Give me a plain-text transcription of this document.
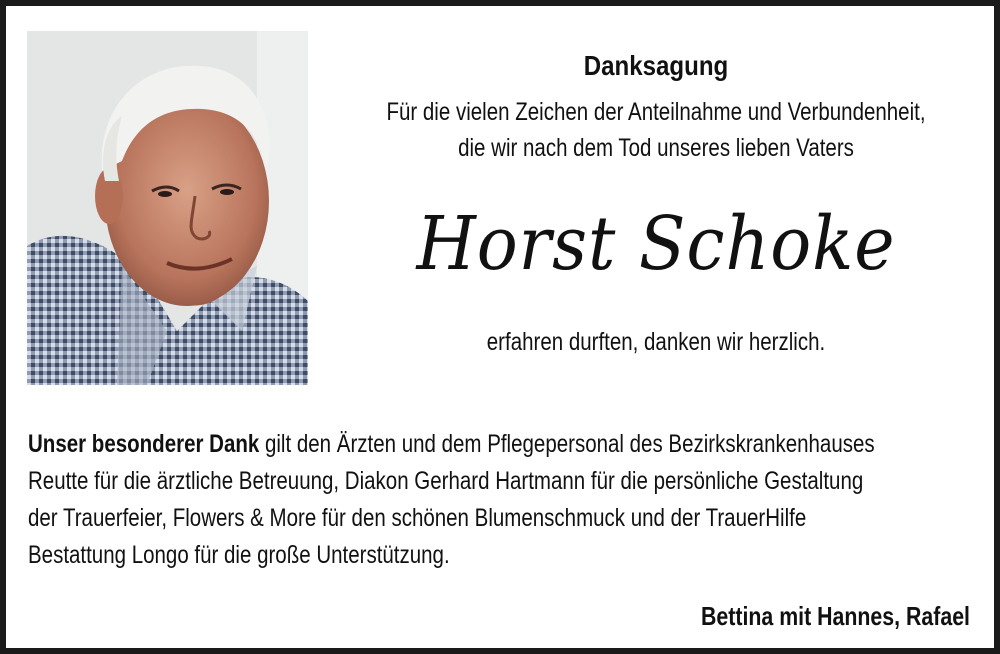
Danksagung
Für die vielen Zeichen der Anteilnahme und Verbundenheit,
die wir nach dem Tod unseres lieben Vaters
Horst Schoke
erfahren durften, danken wir herzlich.
Unser besonderer Dank gilt den Ärzten und dem Pflegepersonal des Bezirkskrankenhauses
Reutte für die ärztliche Betreuung, Diakon Gerhard Hartmann für die persönliche Gestaltung
der Trauerfeier, Flowers & More für den schönen Blumenschmuck und der TrauerHilfe
Bestattung Longo für die große Unterstützung.
Bettina mit Hannes, Rafael
